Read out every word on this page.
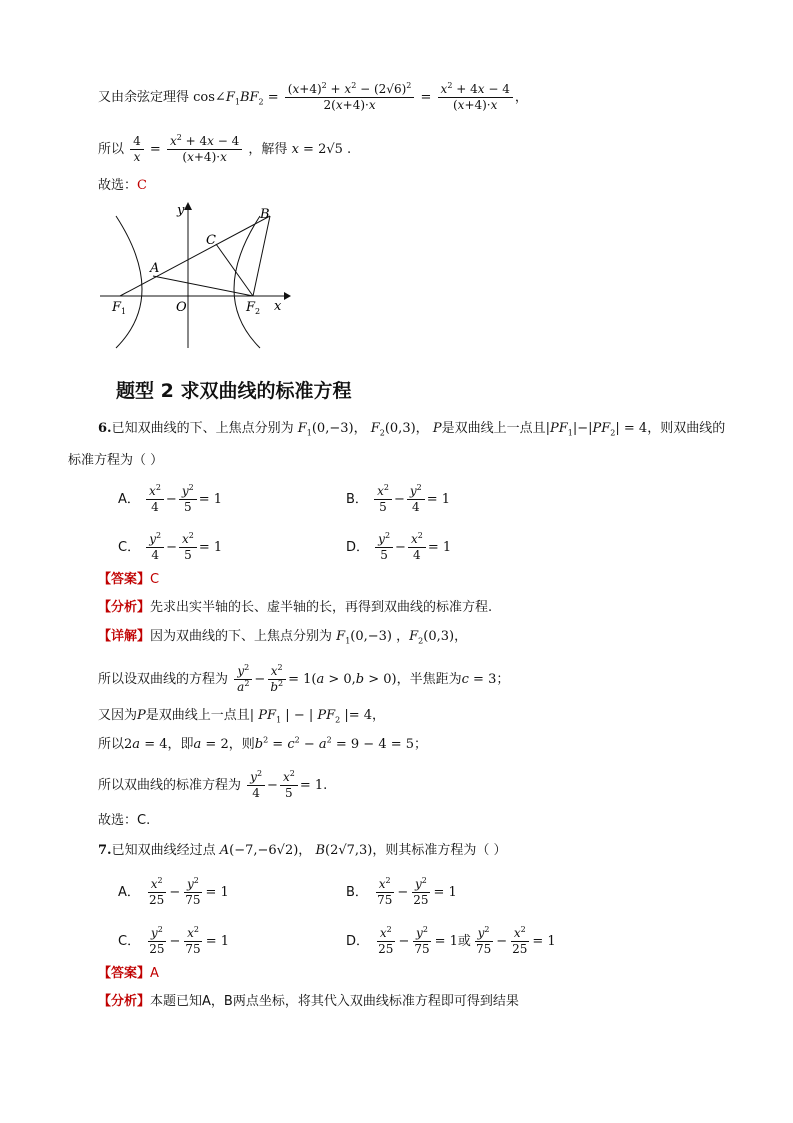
又由余弦定理得 $\cos\angle F_1BF_2 = \frac{(x+4)^2 + x^2 - (2√6)^2}{2(x+4)\cdot x} = \frac{x^2 + 4x - 4}{(x+4)\cdot x}$ ，
所以 $\frac{4}{x} = \frac{x^2 + 4x - 4}{(x+4)\cdot x}$ ，解得 x = 2√5 .
故选：C
y
x
O
A
B
C
$F_1$	$F_2$
题型 2 求双曲线的标准方程
6.已知双曲线的下、上焦点分别为 $F_1(0,-3)$， $F_2(0,3)$， P是双曲线上一点且$|PF_1|-|PF_2| = 4$，则双曲线的
标准方程为（ ）
A． $\frac{x^2}{4} - \frac{y^2}{5} = 1$	B． $\frac{x^2}{5} - \frac{y^2}{4} = 1$
C． $\frac{y^2}{4} - \frac{x^2}{5} = 1$	D． $\frac{y^2}{5} - \frac{x^2}{4} = 1$
【答案】C
【分析】先求出实半轴的长、虚半轴的长，再得到双曲线的标准方程.
【详解】因为双曲线的下、上焦点分别为 $F_1(0,-3)$ ，$F_2(0,3)$，
所以设双曲线的方程为 $\frac{y^2}{a^2} - \frac{x^2}{b^2} = 1(a > 0,b > 0)$，半焦距为c = 3；
又因为P是双曲线上一点且| $PF_1$ | − | $PF_2$ |= 4，
所以2a = 4，即a = 2，则$b^2 = c^2 - a^2 = 9 - 4 = 5$；
所以双曲线的标准方程为 $\frac{y^2}{4} - \frac{x^2}{5} = 1$.
故选：C.
7.已知双曲线经过点 A(−7,−6√2)， B(2√7,3)，则其标准方程为（ ）
A． $\frac{x^2}{25} - \frac{y^2}{75} = 1$	B． $\frac{x^2}{75} - \frac{y^2}{25} = 1$
C． $\frac{y^2}{25} - \frac{x^2}{75} = 1$	D． $\frac{x^2}{25} - \frac{y^2}{75} = 1$或 $\frac{y^2}{75} - \frac{x^2}{25} = 1$
【答案】A
【分析】本题已知A，B两点坐标，将其代入双曲线标准方程即可得到结果
